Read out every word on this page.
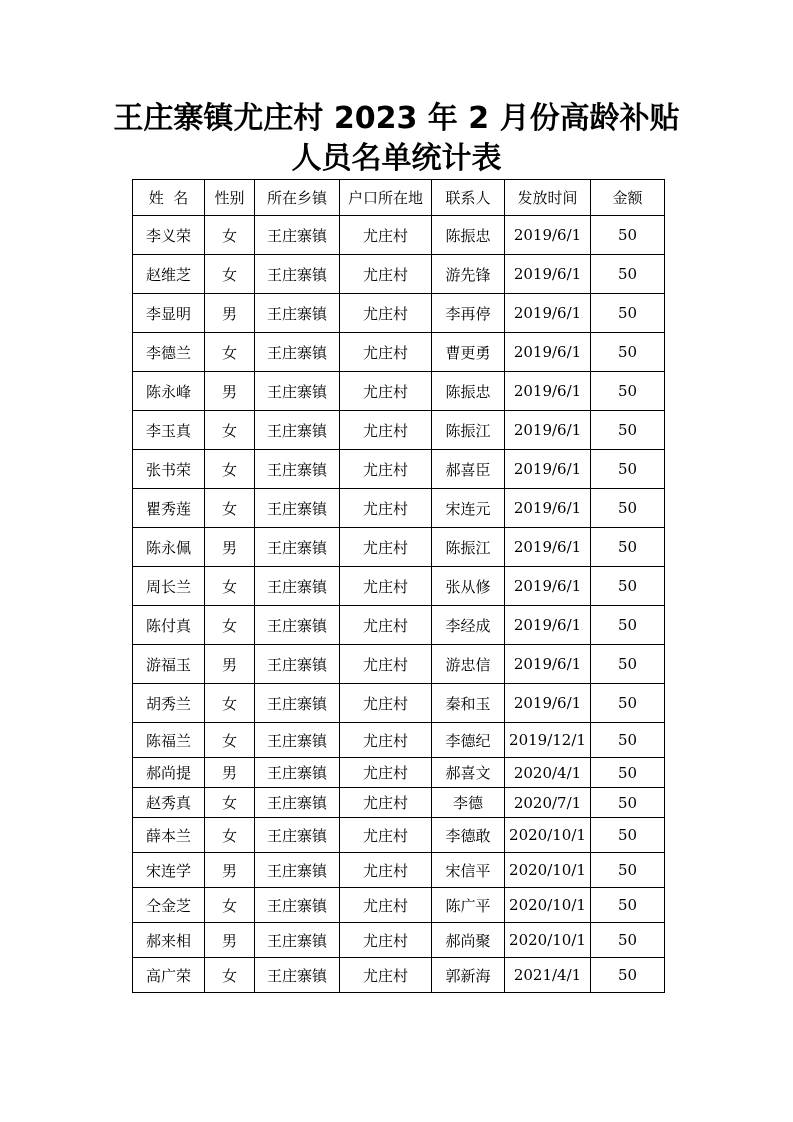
王庄寨镇尤庄村 2023 年 2 月份高龄补贴
人员名单统计表
姓  名	性别	所在乡镇	户口所在地	联系人	发放时间	金额
李义荣	女	王庄寨镇	尤庄村	陈振忠	2019/6/1	50
赵维芝	女	王庄寨镇	尤庄村	游先锋	2019/6/1	50
李显明	男	王庄寨镇	尤庄村	李再停	2019/6/1	50
李德兰	女	王庄寨镇	尤庄村	曹更勇	2019/6/1	50
陈永峰	男	王庄寨镇	尤庄村	陈振忠	2019/6/1	50
李玉真	女	王庄寨镇	尤庄村	陈振江	2019/6/1	50
张书荣	女	王庄寨镇	尤庄村	郝喜臣	2019/6/1	50
瞿秀莲	女	王庄寨镇	尤庄村	宋连元	2019/6/1	50
陈永佩	男	王庄寨镇	尤庄村	陈振江	2019/6/1	50
周长兰	女	王庄寨镇	尤庄村	张从修	2019/6/1	50
陈付真	女	王庄寨镇	尤庄村	李经成	2019/6/1	50
游福玉	男	王庄寨镇	尤庄村	游忠信	2019/6/1	50
胡秀兰	女	王庄寨镇	尤庄村	秦和玉	2019/6/1	50
陈福兰	女	王庄寨镇	尤庄村	李德纪	2019/12/1	50
郝尚提	男	王庄寨镇	尤庄村	郝喜文	2020/4/1	50
赵秀真	女	王庄寨镇	尤庄村	李德	2020/7/1	50
薛本兰	女	王庄寨镇	尤庄村	李德敢	2020/10/1	50
宋连学	男	王庄寨镇	尤庄村	宋信平	2020/10/1	50
仝金芝	女	王庄寨镇	尤庄村	陈广平	2020/10/1	50
郝来相	男	王庄寨镇	尤庄村	郝尚聚	2020/10/1	50
高广荣	女	王庄寨镇	尤庄村	郭新海	2021/4/1	50
